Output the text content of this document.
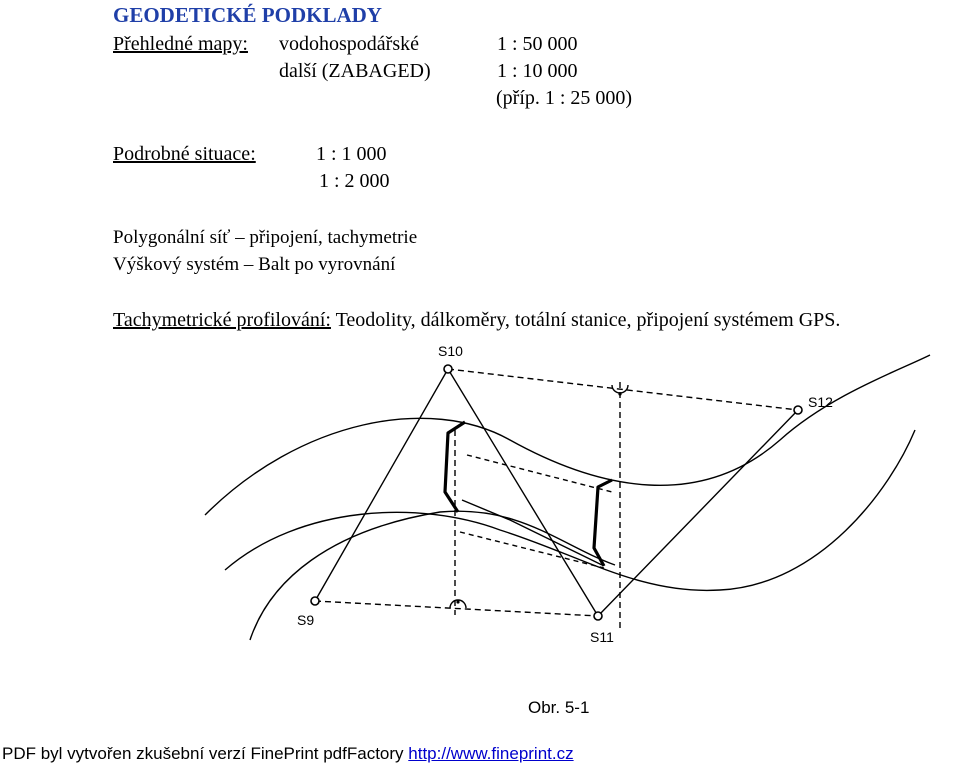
GEODETICKÉ PODKLADY
Přehledné mapy: vodohospodářské	1 : 50 000
další (ZABAGED)	1 : 10 000
(příp. 1 : 25 000)
Podrobné situace:	1 : 1 000
1 : 2 000
Polygonální síť – připojení, tachymetrie
Výškový systém – Balt po vyrovnání
Tachymetrické profilování: Teodolity, dálkoměry, totální stanice, připojení systémem GPS.
S10
S12
S9
S11
Obr. 5-1
PDF byl vytvořen zkušební verzí FinePrint pdfFactory http://www.fineprint.cz
